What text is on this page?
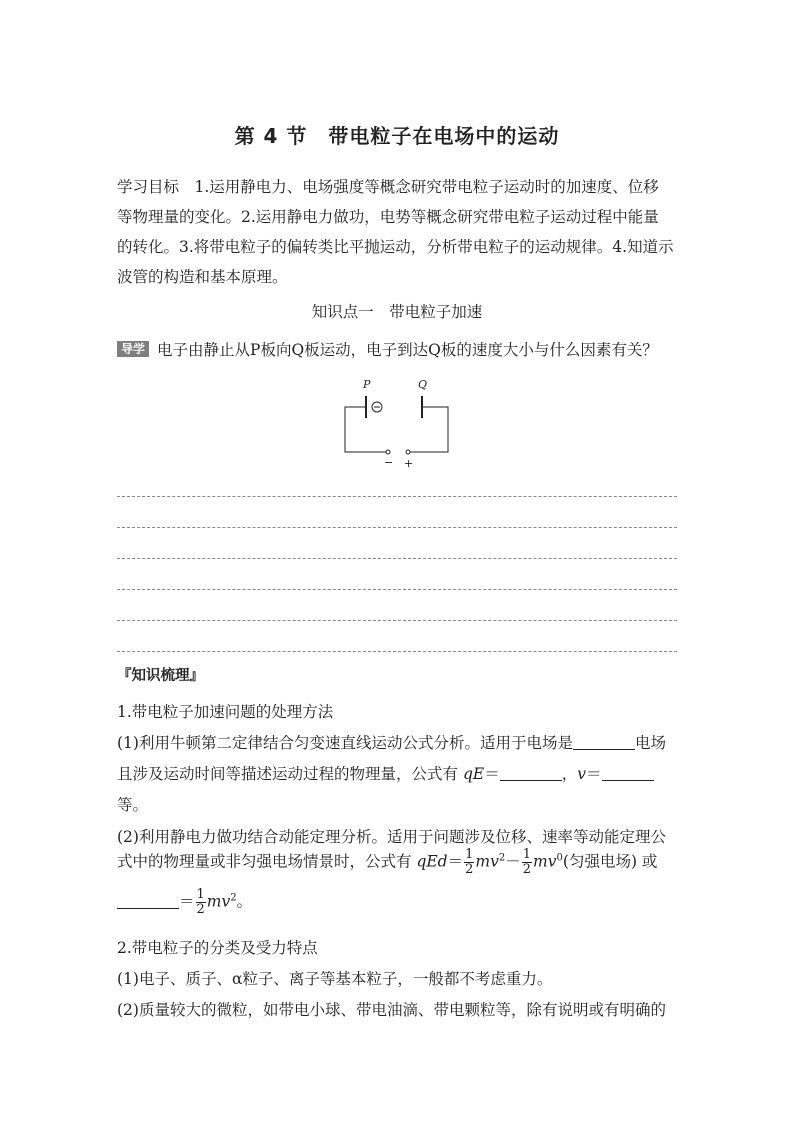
第 4 节　带电粒子在电场中的运动
学习目标　1.运用静电力、电场强度等概念研究带电粒子运动时的加速度、位移
等物理量的变化。2.运用静电力做功，电势等概念研究带电粒子运动过程中能量
的转化。3.将带电粒子的偏转类比平抛运动，分析带电粒子的运动规律。4.知道示
波管的构造和基本原理。
知识点一　带电粒子加速
导学 电子由静止从P板向Q板运动，电子到达Q板的速度大小与什么因素有关？
P	Q
− +
『知识梳理』
1.带电粒子加速问题的处理方法
(1)利用牛顿第二定律结合匀变速直线运动公式分析。适用于电场是	电场
且涉及运动时间等描述运动过程的物理量，公式有 qE＝	，v＝
等。
(2)利用静电力做功结合动能定理分析。适用于问题涉及位移、速率等动能定理公
式中的物理量或非匀强电场情景时，公式有 $qEd= \frac{1}{2} mv^2- \frac{1}{2} mv^0$(匀强电场) 或
＝ $\frac{1}{2} mv^2$。
2.带电粒子的分类及受力特点
(1)电子、质子、α粒子、离子等基本粒子，一般都不考虑重力。
(2)质量较大的微粒，如带电小球、带电油滴、带电颗粒等，除有说明或有明确的
